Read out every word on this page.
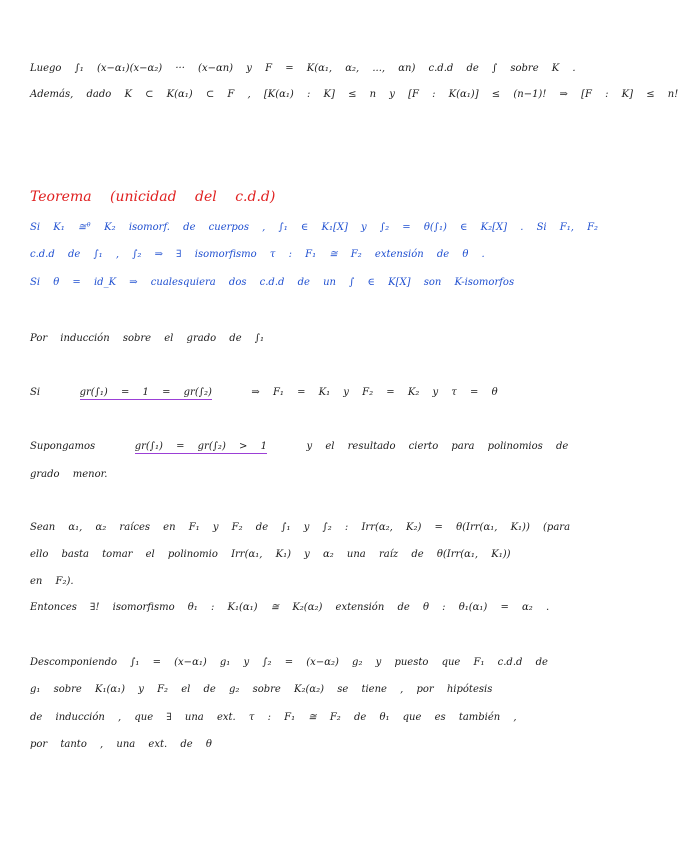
Luego ∫₁ (x−α₁)(x−α₂) ··· (x−αn) y F = K(α₁, α₂, ..., αn) c.d.d de ∫ sobre K .
Además, dado K ⊂ K(α₁) ⊂ F , [K(α₁) : K] ≤ n y [F : K(α₁)] ≤ (n−1)! ⇒ [F : K] ≤ n!
Teorema (unicidad del c.d.d)
Si K₁ ≅ᶿ K₂ isomorf. de cuerpos , ∫₁ ∈ K₁[X] y ∫₂ = θ(∫₁) ∈ K₂[X] . Si F₁, F₂
c.d.d de ∫₁ , ∫₂ ⇒ ∃ isomorfismo τ : F₁ ≅ F₂ extensión de θ .
Si θ = id_K ⇒ cualesquiera dos c.d.d de un ∫ ∈ K[X] son K-isomorfos
Por inducción sobre el grado de ∫₁
Si	gr(∫₁) = 1 = gr(∫₂)	⇒ F₁ = K₁ y F₂ = K₂ y τ = θ
Supongamos	gr(∫₁) = gr(∫₂) > 1	y el resultado cierto para polinomios de
grado menor.
Sean α₁, α₂ raíces en F₁ y F₂ de ∫₁ y ∫₂ : Irr(α₂, K₂) = θ(Irr(α₁, K₁)) (para
ello basta tomar el polinomio Irr(α₁, K₁) y α₂ una raíz de θ(Irr(α₁, K₁))
en F₂).
Entonces ∃! isomorfismo θ₁ : K₁(α₁) ≅ K₂(α₂) extensión de θ : θ₁(α₁) = α₂ .
Descomponiendo ∫₁ = (x−α₁) g₁ y ∫₂ = (x−α₂) g₂ y puesto que F₁ c.d.d de
g₁ sobre K₁(α₁) y F₂ el de g₂ sobre K₂(α₂) se tiene , por hipótesis
de inducción , que ∃ una ext. τ : F₁ ≅ F₂ de θ₁ que es también ,
por tanto , una ext. de θ
